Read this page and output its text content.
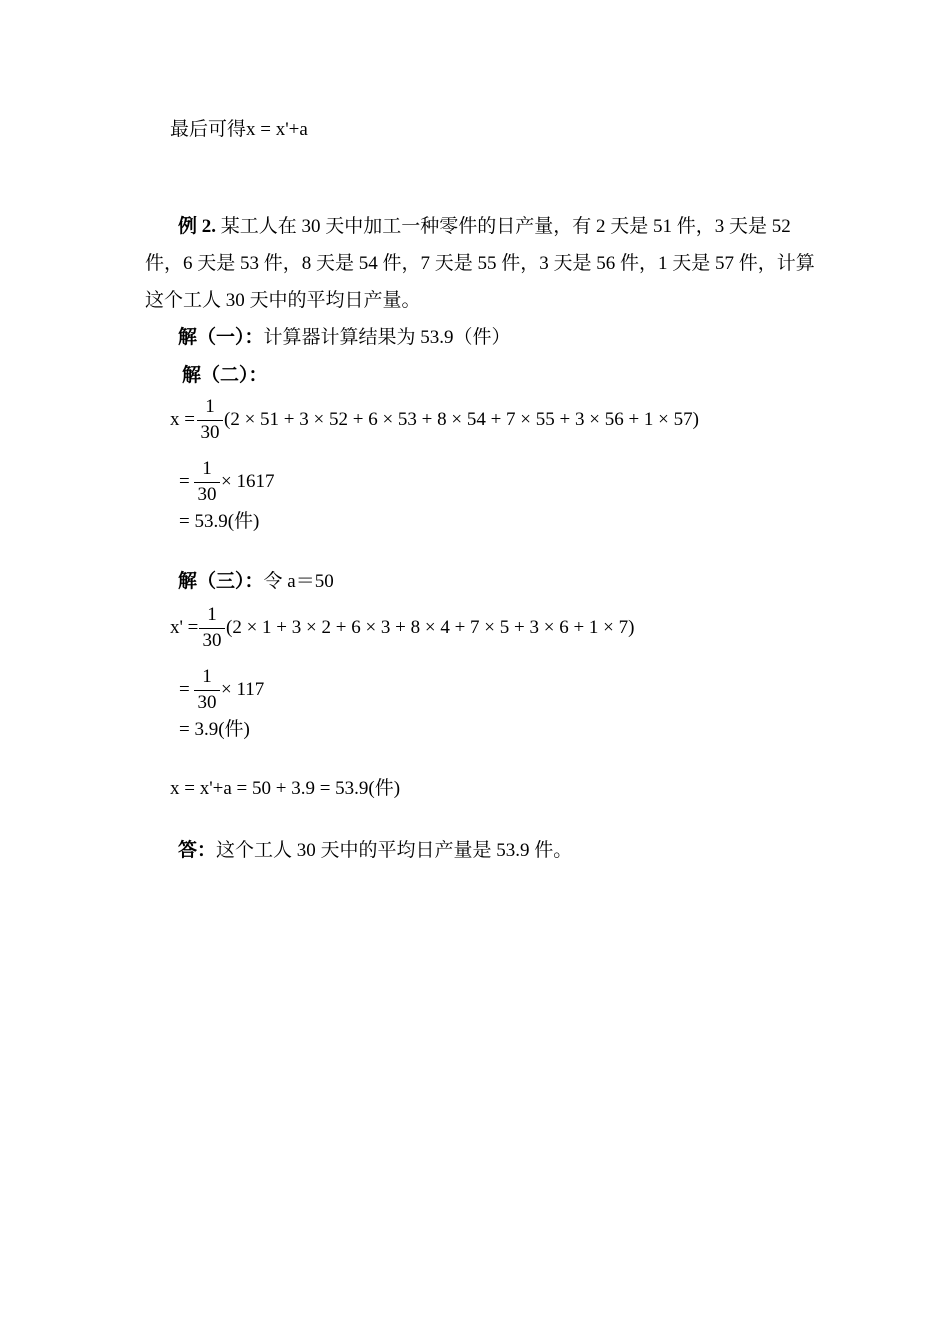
最后可得x = x'+a
例 2. 某工人在 30 天中加工一种零件的日产量，有 2 天是 51 件，3 天是 52
件，6 天是 53 件，8 天是 54 件，7 天是 55 件，3 天是 56 件，1 天是 57 件，计算
这个工人 30 天中的平均日产量。
解（一）：计算器计算结果为 53.9（件）
解（二）：
x =
1
30
(2 × 51 + 3 × 52 + 6 × 53 + 8 × 54 + 7 × 55 + 3 × 56 + 1 × 57)
=
1
30
× 1617
= 53.9(件)
解（三）：令 a＝50
x' =
1
30
(2 × 1 + 3 × 2 + 6 × 3 + 8 × 4 + 7 × 5 + 3 × 6 + 1 × 7)
=
1
30
× 117
= 3.9(件)
x = x'+a = 50 + 3.9 = 53.9(件)
答：这个工人 30 天中的平均日产量是 53.9 件。
